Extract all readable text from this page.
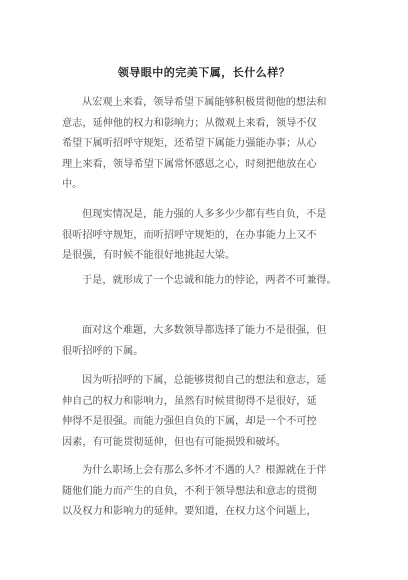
领导眼中的完美下属，长什么样？

从宏观上来看，领导希望下属能够积极贯彻他的想法和
意志，延伸他的权力和影响力；从微观上来看，领导不仅
希望下属听招呼守规矩，还希望下属能力强能办事；从心
理上来看，领导希望下属常怀感恩之心，时刻把他放在心
中。

但现实情况是，能力强的人多多少少都有些自负，不是
很听招呼守规矩，而听招呼守规矩的，在办事能力上又不
是很强，有时候不能很好地挑起大梁。

于是，就形成了一个忠诚和能力的悖论，两者不可兼得。

面对这个难题，大多数领导都选择了能力不是很强，但
很听招呼的下属。

因为听招呼的下属，总能够贯彻自己的想法和意志，延
伸自己的权力和影响力，虽然有时候贯彻得不是很好，延
伸得不是很强。而能力强但自负的下属，却是一个不可控
因素，有可能贯彻延伸，但也有可能损毁和破坏。

为什么职场上会有那么多怀才不遇的人？根源就在于伴
随他们能力而产生的自负，不利于领导想法和意志的贯彻
以及权力和影响力的延伸。要知道，在权力这个问题上，
